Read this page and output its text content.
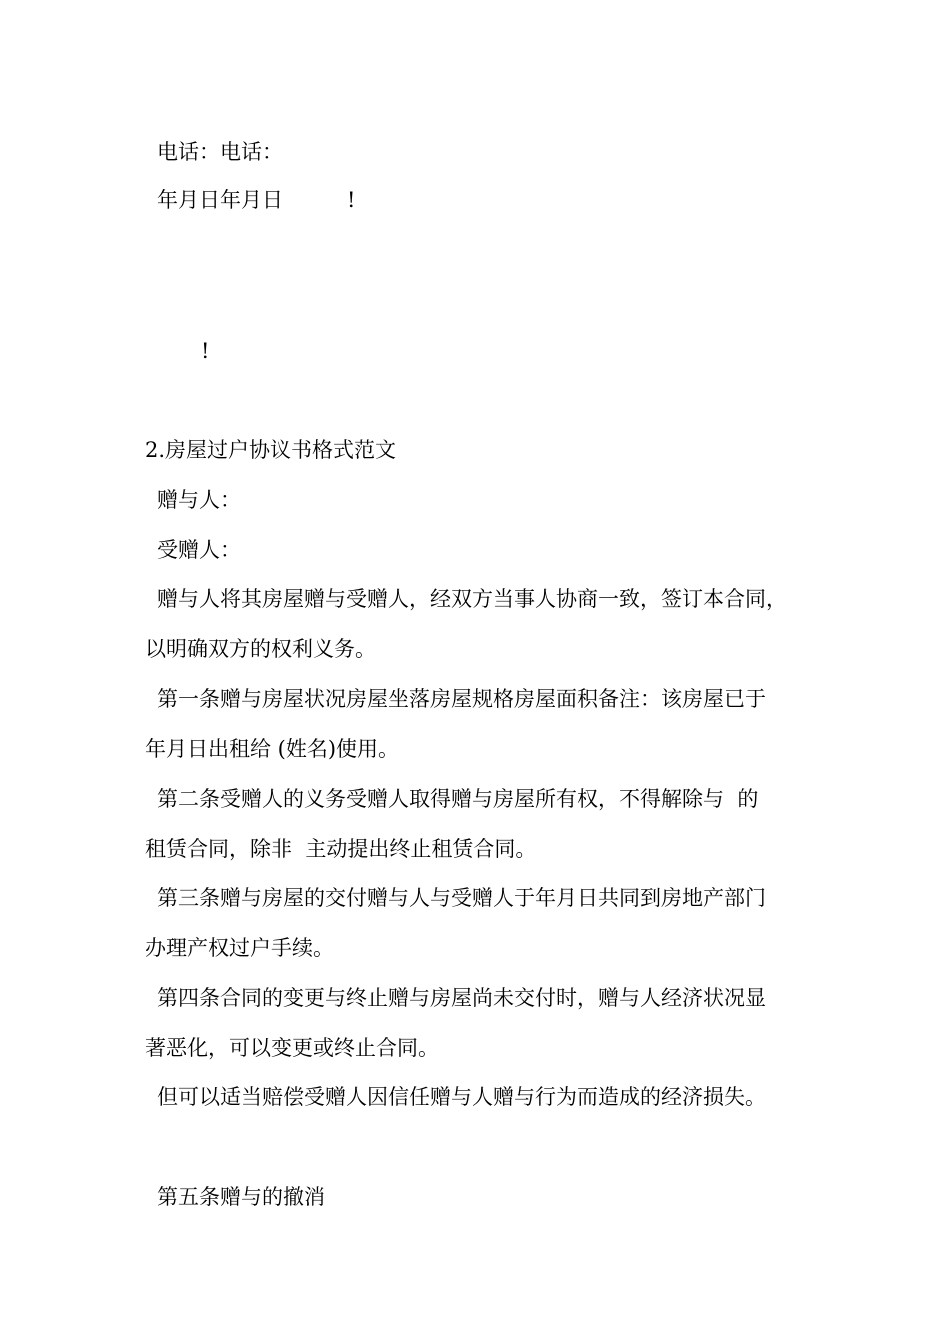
电话：电话：
年月日年月日	!
!
2.房屋过户协议书格式范文
赠与人：
受赠人：
赠与人将其房屋赠与受赠人，经双方当事人协商一致，签订本合同，
以明确双方的权利义务。
第一条赠与房屋状况房屋坐落房屋规格房屋面积备注：该房屋已于
年月日出租给 (姓名)使用。
第二条受赠人的义务受赠人取得赠与房屋所有权，不得解除与  的
租赁合同，除非  主动提出终止租赁合同。
第三条赠与房屋的交付赠与人与受赠人于年月日共同到房地产部门
办理产权过户手续。
第四条合同的变更与终止赠与房屋尚未交付时，赠与人经济状况显
著恶化，可以变更或终止合同。
但可以适当赔偿受赠人因信任赠与人赠与行为而造成的经济损失。
第五条赠与的撤消
